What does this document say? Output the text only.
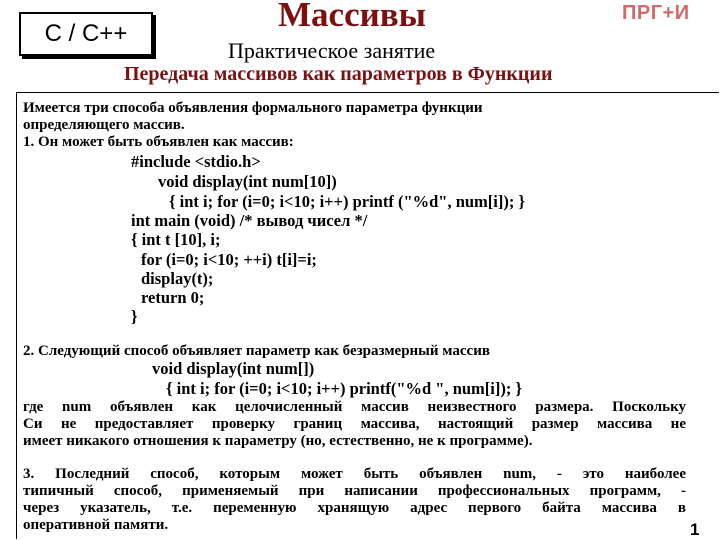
C / C++	Массивы	ПРГ+И
Практическое занятие
Передача массивов как параметров в Функции
Имеется три способа объявления формального параметра функции
определяющего массив.
1. Он может быть объявлен как массив:
#include <stdio.h>
void display(int num[10])
{ int i; for (i=0; i<10; i++) printf ("%d", num[i]); }
int main (void) /* вывод чисел */
{ int t [10], i;
for (i=0; i<10; ++i) t[i]=i;
display(t);
return 0;
}
2. Следующий способ объявляет параметр как безразмерный массив
void display(int num[])
{ int i; for (i=0; i<10; i++) printf("%d ", num[i]); }
где num объявлен как целочисленный массив неизвестного размера. Поскольку
Си не предоставляет проверку границ массива, настоящий размер массива не
имеет никакого отношения к параметру (но, естественно, не к программе).
3. Последний способ, которым может быть объявлен num, - это наиболее
типичный способ, применяемый при написании профессиональных программ, -
через указатель, т.е. переменную хранящую адрес первого байта массива в
оперативной памяти.	1
